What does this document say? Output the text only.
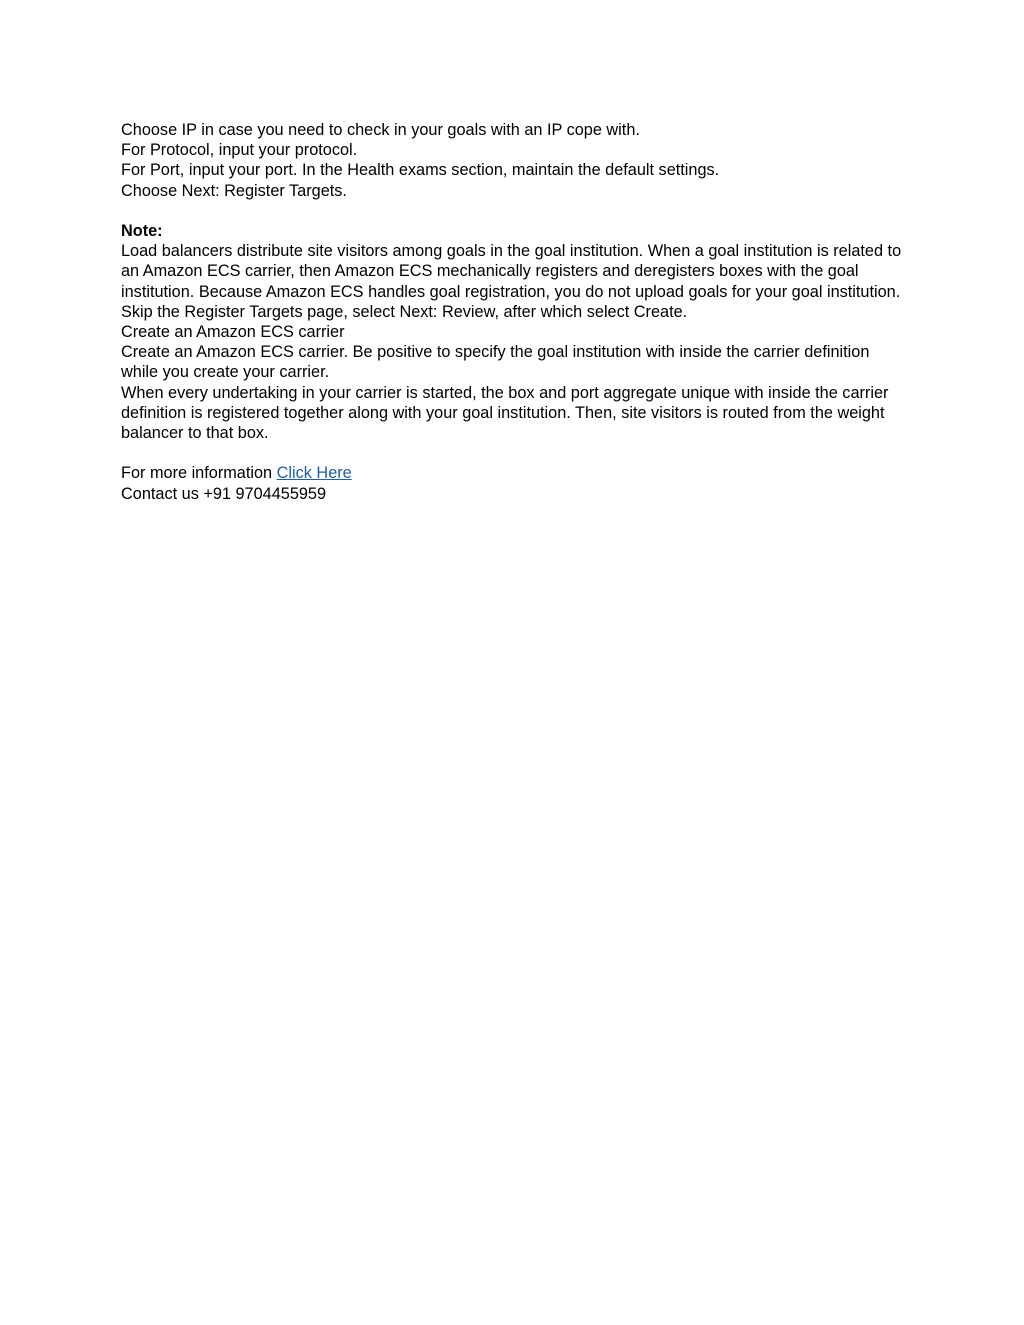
Choose IP in case you need to check in your goals with an IP cope with.
For Protocol, input your protocol.
For Port, input your port. In the Health exams section, maintain the default settings.
Choose Next: Register Targets.
Note:
Load balancers distribute site visitors among goals in the goal institution. When a goal institution is related to an Amazon ECS carrier, then Amazon ECS mechanically registers and deregisters boxes with the goal institution. Because Amazon ECS handles goal registration, you do not upload goals for your goal institution.
Skip the Register Targets page, select Next: Review, after which select Create.
Create an Amazon ECS carrier
Create an Amazon ECS carrier. Be positive to specify the goal institution with inside the carrier definition while you create your carrier.
When every undertaking in your carrier is started, the box and port aggregate unique with inside the carrier definition is registered together along with your goal institution. Then, site visitors is routed from the weight balancer to that box.
For more information Click Here
Contact us +91 9704455959
